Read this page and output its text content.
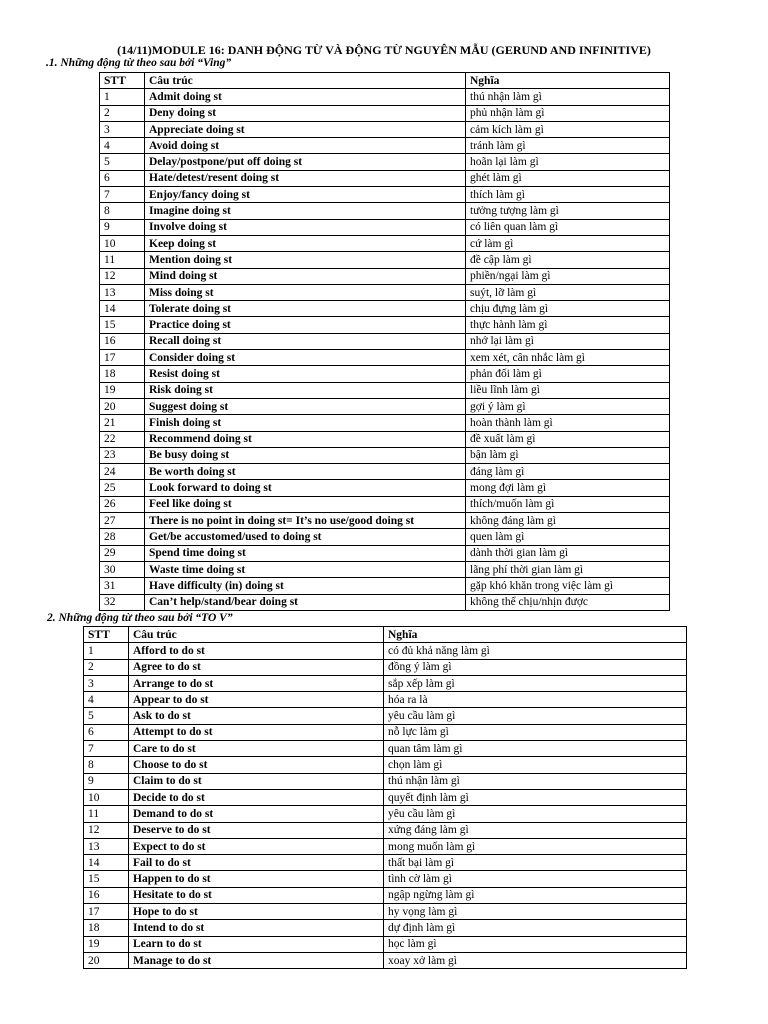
(14/11)MODULE 16: DANH ĐỘNG TỪ VÀ ĐỘNG TỪ NGUYÊN MẪU (GERUND AND INFINITIVE)
.1. Những động từ theo sau bởi “Ving”
STT	Câu trúc	Nghĩa
1	Admit doing st	thú nhận làm gì
2	Deny doing st	phủ nhận làm gì
3	Appreciate doing st	cảm kích làm gì
4	Avoid doing st	tránh làm gì
5	Delay/postpone/put off doing st	hoãn lại làm gì
6	Hate/detest/resent doing st	ghét làm gì
7	Enjoy/fancy doing st	thích làm gì
8	Imagine doing st	tưởng tượng làm gì
9	Involve doing st	có liên quan làm gì
10	Keep doing st	cứ làm gì
11	Mention doing st	đề cập làm gì
12	Mind doing st	phiền/ngại làm gì
13	Miss doing st	suýt, lỡ làm gì
14	Tolerate doing st	chịu đựng làm gì
15	Practice doing st	thực hành làm gì
16	Recall doing st	nhớ lại làm gì
17	Consider doing st	xem xét, cân nhắc làm gì
18	Resist doing st	phản đối làm gì
19	Risk doing st	liều lĩnh làm gì
20	Suggest doing st	gợi ý làm gì
21	Finish doing st	hoàn thành làm gì
22	Recommend doing st	đề xuất làm gì
23	Be busy doing st	bận làm gì
24	Be worth doing st	đáng làm gì
25	Look forward to doing st	mong đợi làm gì
26	Feel like doing st	thích/muốn làm gì
27	There is no point in doing st= It’s no use/good doing st	không đáng làm gì
28	Get/be accustomed/used to doing st	quen làm gì
29	Spend time doing st	dành thời gian làm gì
30	Waste time doing st	lãng phí thời gian làm gì
31	Have difficulty (in) doing st	gặp khó khăn trong việc làm gì
32	Can’t help/stand/bear doing st	không thể chịu/nhịn được
2. Những động từ theo sau bởi “TO V”
STT	Câu trúc	Nghĩa
1	Afford to do st	có đủ khả năng làm gì
2	Agree to do st	đồng ý làm gì
3	Arrange to do st	sắp xếp làm gì
4	Appear to do st	hóa ra là
5	Ask to do st	yêu cầu làm gì
6	Attempt to do st	nỗ lực làm gì
7	Care to do st	quan tâm làm gì
8	Choose to do st	chọn làm gì
9	Claim to do st	thú nhận làm gì
10	Decide to do st	quyết định làm gì
11	Demand to do st	yêu cầu làm gì
12	Deserve to do st	xứng đáng làm gì
13	Expect to do st	mong muốn làm gì
14	Fail to do st	thất bại làm gì
15	Happen to do st	tình cờ làm gì
16	Hesitate to do st	ngập ngừng làm gì
17	Hope to do st	hy vọng làm gì
18	Intend to do st	dự định làm gì
19	Learn to do st	học làm gì
20	Manage to do st	xoay xở làm gì
